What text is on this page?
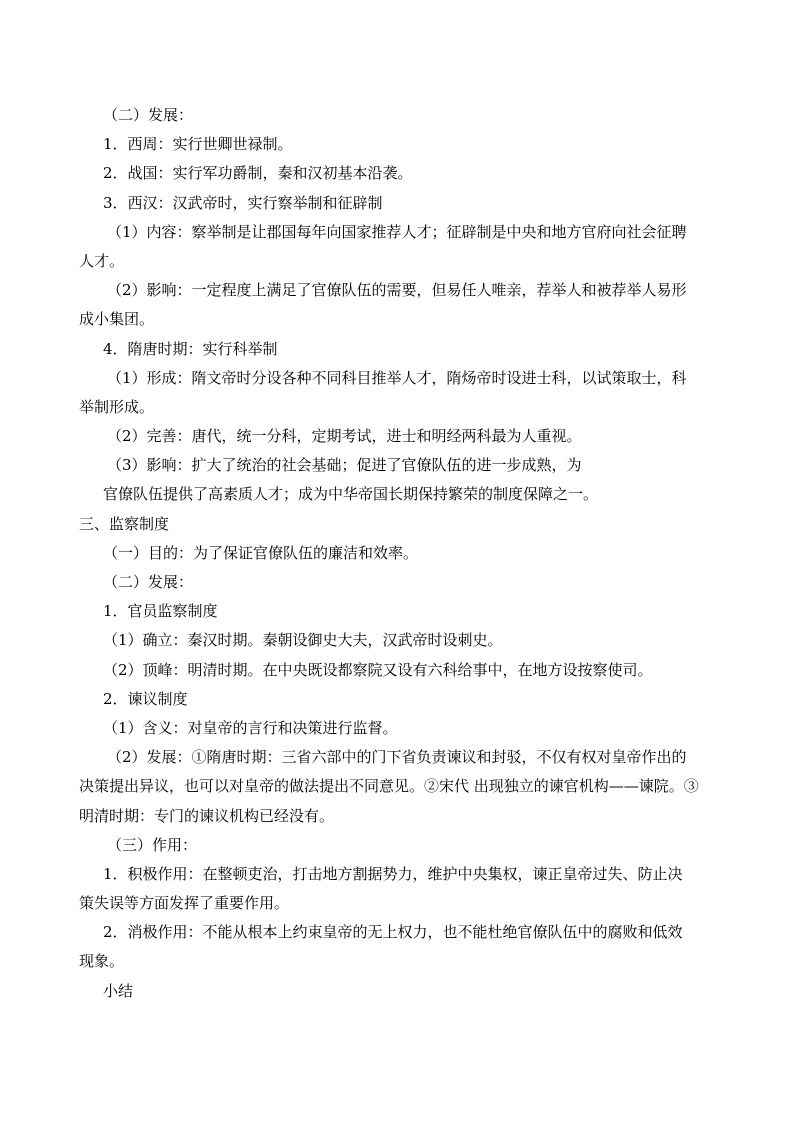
（二）发展：
1．西周：实行世卿世禄制。
2．战国：实行军功爵制，秦和汉初基本沿袭。
3．西汉：汉武帝时，实行察举制和征辟制
（1）内容：察举制是让郡国每年向国家推荐人才；征辟制是中央和地方官府向社会征聘
人才。
（2）影响：一定程度上满足了官僚队伍的需要，但易任人唯亲，荐举人和被荐举人易形
成小集团。
4．隋唐时期：实行科举制
（1）形成：隋文帝时分设各种不同科目推举人才，隋炀帝时设进士科，以试策取士，科
举制形成。
（2）完善：唐代，统一分科，定期考试，进士和明经两科最为人重视。
（3）影响：扩大了统治的社会基础；促进了官僚队伍的进一步成熟，为
官僚队伍提供了高素质人才；成为中华帝国长期保持繁荣的制度保障之一。
三、监察制度
（一）目的：为了保证官僚队伍的廉洁和效率。
（二）发展：
1．官员监察制度
（1）确立：秦汉时期。秦朝设御史大夫，汉武帝时设刺史。
（2）顶峰：明清时期。在中央既设都察院又设有六科给事中，在地方设按察使司。
2．谏议制度
（1）含义：对皇帝的言行和决策进行监督。
（2）发展：①隋唐时期：三省六部中的门下省负责谏议和封驳，不仅有权对皇帝作出的
决策提出异议，也可以对皇帝的做法提出不同意见。②宋代 出现独立的谏官机构——谏院。③
明清时期：专门的谏议机构已经没有。
（三）作用：
1．积极作用：在整顿吏治，打击地方割据势力，维护中央集权，谏正皇帝过失、防止决
策失误等方面发挥了重要作用。
2．消极作用：不能从根本上约束皇帝的无上权力，也不能杜绝官僚队伍中的腐败和低效
现象。
小结
